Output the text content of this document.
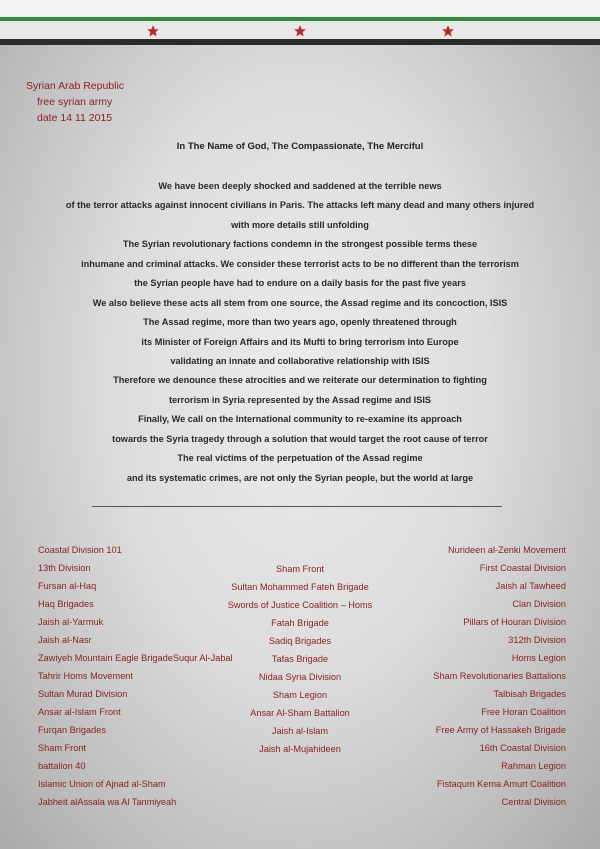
Syrian Arab Republic
free syrian army
date 14 11 2015
In The Name of God, The Compassionate, The Merciful
We have been deeply shocked and saddened at the terrible news
of the terror attacks against innocent civilians in Paris. The attacks left many dead and many others injured
with more details still unfolding
The Syrian revolutionary factions condemn in the strongest possible terms these
inhumane and criminal attacks. We consider these terrorist acts to be no different than the terrorism
the Syrian people have had to endure on a daily basis for the past five years
We also believe these acts all stem from one source, the Assad regime and its concoction, ISIS
The Assad regime, more than two years ago, openly threatened through
its Minister of Foreign Affairs and its Mufti to bring terrorism into Europe
validating an innate and collaborative relationship with ISIS
Therefore we denounce these atrocities and we reiterate our determination to fighting
terrorism in Syria represented by the Assad regime and ISIS
Finally, We call on the International community to re-examine its approach
towards the Syria tragedy through a solution that would target the root cause of terror
The real victims of the perpetuation of the Assad regime
and its systematic crimes, are not only the Syrian people, but the world at large
Coastal Division 101
13th Division
Fursan al-Haq
Haq Brigades
Jaish al-Yarmuk
Jaish al-Nasr
Zawiyeh Mountain Eagle BrigadeSuqur Al-Jabal
Tahrir Homs Movement
Sultan Murad Division
Ansar al-Islam Front
Furqan Brigades
Sham Front
battalion 40
Islamic Union of Ajnad al-Sham
Jabheit alAssala wa Al Tanmiyeah
Sham Front
Sultan Mohammed Fateh Brigade
Swords of Justice Coalition – Homs
Fatah Brigade
Sadiq Brigades
Tafas Brigade
Nidaa Syria Division
Sham Legion
Ansar Al-Sham Battalion
Jaish al-Islam
Jaish al-Mujahideen
Nurideen al-Zenki Movement
First Coastal Division
Jaish al Tawheed
Clan Division
Pillars of Houran Division
312th Division
Homs Legion
Sham Revolutionaries Battalions
Talbisah Brigades
Free Horan Coalition
Free Army of Hassakeh Brigade
16th Coastal Division
Rahman Legion
Fistaqum Kema Amurt Coalition
Central Division
